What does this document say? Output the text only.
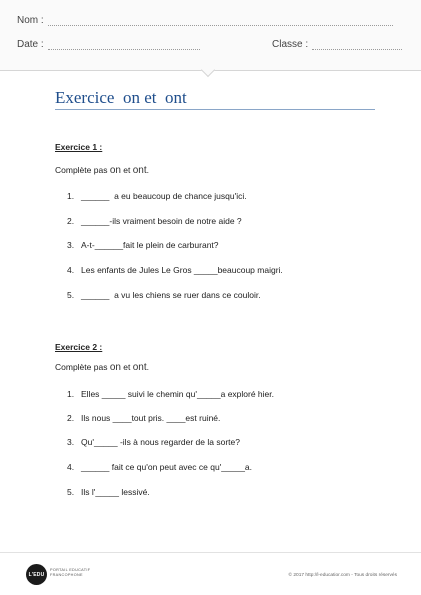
Nom :
Date :	Classe :
Exercice  on et  ont
Exercice 1 :
Complète pas on et ont.
1. ______  a eu beaucoup de chance jusqu'ici.
2. ______-ils vraiment besoin de notre aide ?
3. A-t-______fait le plein de carburant?
4. Les enfants de Jules Le Gros _____beaucoup maigri.
5. ______  a vu les chiens se ruer dans ce couloir.
Exercice 2 :
Complète pas on et ont.
1. Elles _____ suivi le chemin qu'_____a exploré hier.
2. Ils nous ____tout pris. ____est ruiné.
3. Qu'_____ -ils à nous regarder de la sorte?
4. ______ fait ce qu'on peut avec ce qu'_____a.
5. Ils l'_____ lessivé.
L'EDU
PORTAIL EDUCATIF
FRANCOPHONE	© 2017 http://l-educatior.com - Tous droits réservés
